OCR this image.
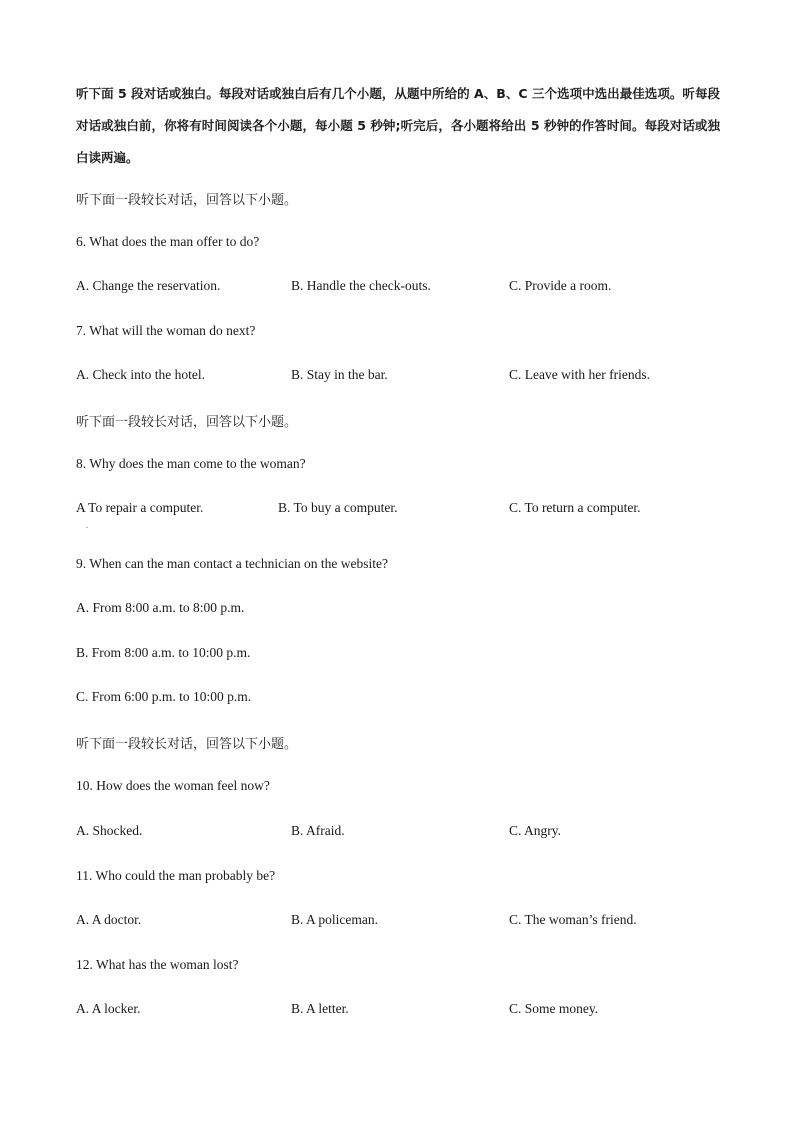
听下面 5 段对话或独白。每段对话或独白后有几个小题，从题中所给的 A、B、C 三个选项中选出最佳选项。听每段对话或独白前，你将有时间阅读各个小题，每小题 5 秒钟;听完后，各小题将给出 5 秒钟的作答时间。每段对话或独白读两遍。

听下面一段较长对话，回答以下小题。

6. What does the man offer to do?

A. Change the reservation.	B. Handle the check-outs.	C. Provide a room.

7. What will the woman do next?

A. Check into the hotel.	B. Stay in the bar.	C. Leave with her friends.

听下面一段较长对话，回答以下小题。

8. Why does the man come to the woman?

A To repair a computer.	B. To buy a computer.	C. To return a computer.
.

9. When can the man contact a technician on the website?

A. From 8:00 a.m. to 8:00 p.m.

B. From 8:00 a.m. to 10:00 p.m.

C. From 6:00 p.m. to 10:00 p.m.

听下面一段较长对话，回答以下小题。

10. How does the woman feel now?

A. Shocked.	B. Afraid.	C. Angry.

11. Who could the man probably be?

A. A doctor.	B. A policeman.	C. The woman’s friend.

12. What has the woman lost?

A. A locker.	B. A letter.	C. Some money.
